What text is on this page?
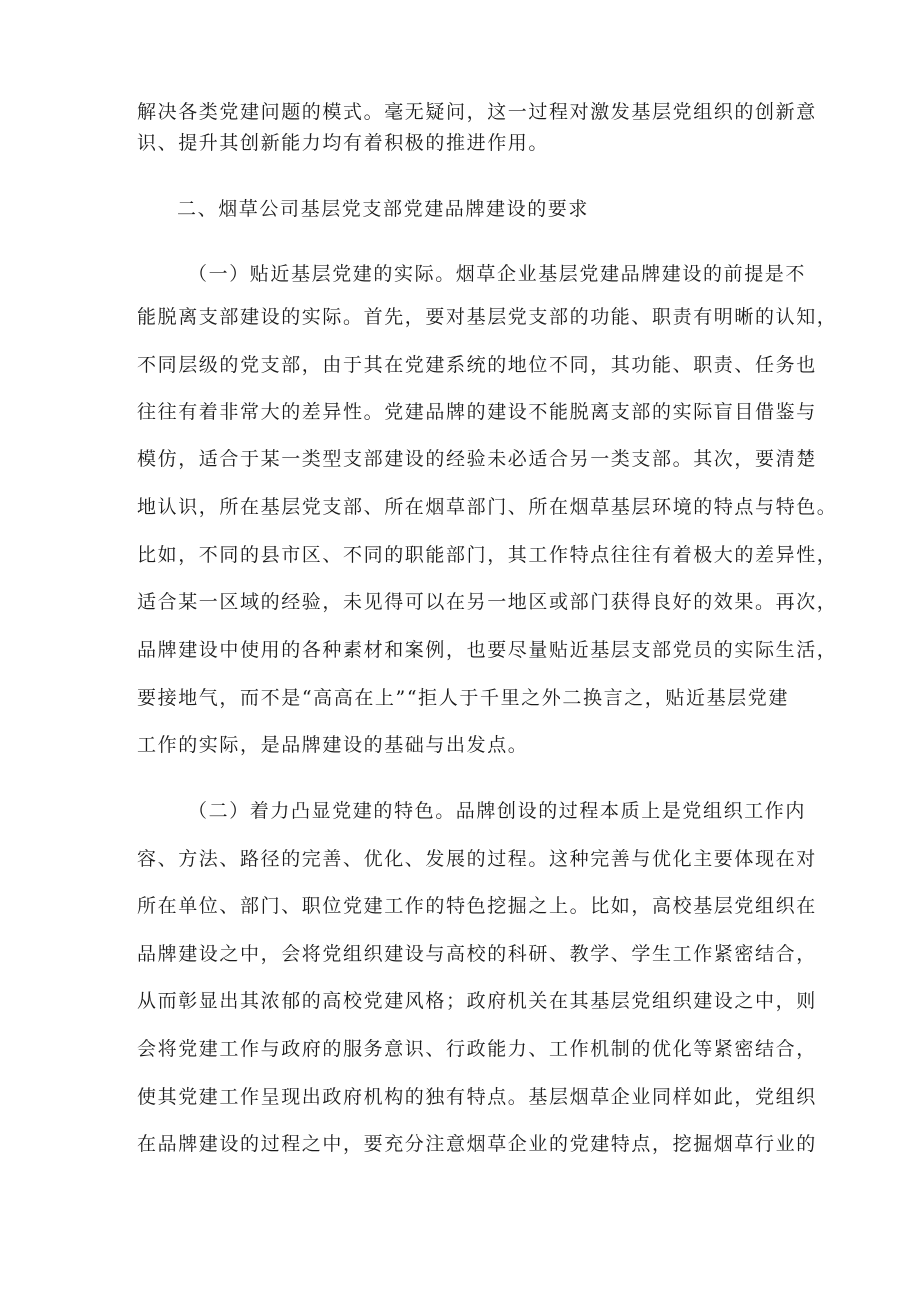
解决各类党建问题的模式。毫无疑问，这一过程对激发基层党组织的创新意
识、提升其创新能力均有着积极的推进作用。
二、烟草公司基层党支部党建品牌建设的要求
（一）贴近基层党建的实际。烟草企业基层党建品牌建设的前提是不
能脱离支部建设的实际。首先，要对基层党支部的功能、职责有明晰的认知，
不同层级的党支部，由于其在党建系统的地位不同，其功能、职责、任务也
往往有着非常大的差异性。党建品牌的建设不能脱离支部的实际盲目借鉴与
模仿，适合于某一类型支部建设的经验未必适合另一类支部。其次，要清楚
地认识，所在基层党支部、所在烟草部门、所在烟草基层环境的特点与特色。
比如，不同的县市区、不同的职能部门，其工作特点往往有着极大的差异性，
适合某一区域的经验，未见得可以在另一地区或部门获得良好的效果。再次，
品牌建设中使用的各种素材和案例，也要尽量贴近基层支部党员的实际生活，
要接地气，而不是“高高在上”“拒人于千里之外二换言之，贴近基层党建
工作的实际，是品牌建设的基础与出发点。
（二）着力凸显党建的特色。品牌创设的过程本质上是党组织工作内
容、方法、路径的完善、优化、发展的过程。这种完善与优化主要体现在对
所在单位、部门、职位党建工作的特色挖掘之上。比如，高校基层党组织在
品牌建设之中，会将党组织建设与高校的科研、教学、学生工作紧密结合，
从而彰显出其浓郁的高校党建风格；政府机关在其基层党组织建设之中，则
会将党建工作与政府的服务意识、行政能力、工作机制的优化等紧密结合，
使其党建工作呈现出政府机构的独有特点。基层烟草企业同样如此，党组织
在品牌建设的过程之中，要充分注意烟草企业的党建特点，挖掘烟草行业的
